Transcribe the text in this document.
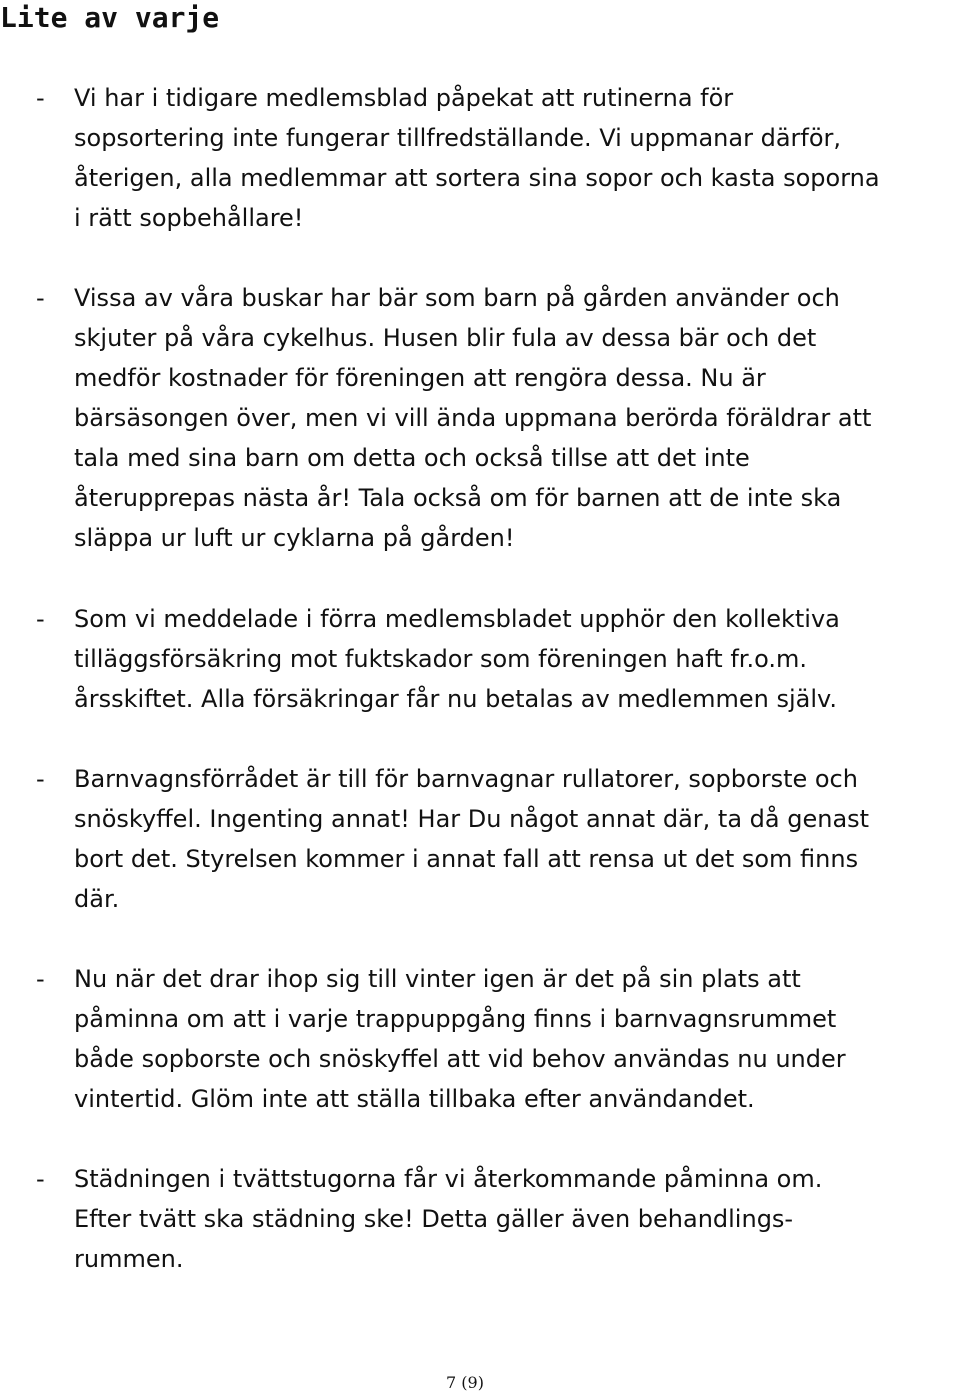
Lite av varje
- Vi har i tidigare medlemsblad påpekat att rutinerna för
sopsortering inte fungerar tillfredställande. Vi uppmanar därför,
återigen, alla medlemmar att sortera sina sopor och kasta soporna
i rätt sopbehållare!

- Vissa av våra buskar har bär som barn på gården använder och
skjuter på våra cykelhus. Husen blir fula av dessa bär och det
medför kostnader för föreningen att rengöra dessa. Nu är
bärsäsongen över, men vi vill ända uppmana berörda föräldrar att
tala med sina barn om detta och också tillse att det inte
återupprepas nästa år! Tala också om för barnen att de inte ska
släppa ur luft ur cyklarna på gården!

- Som vi meddelade i förra medlemsbladet upphör den kollektiva
tilläggsförsäkring mot fuktskador som föreningen haft fr.o.m.
årsskiftet. Alla försäkringar får nu betalas av medlemmen själv.

- Barnvagnsförrådet är till för barnvagnar rullatorer, sopborste och
snöskyffel. Ingenting annat! Har Du något annat där, ta då genast
bort det. Styrelsen kommer i annat fall att rensa ut det som finns
där.

- Nu när det drar ihop sig till vinter igen är det på sin plats att
påminna om att i varje trappuppgång finns i barnvagnsrummet
både sopborste och snöskyffel att vid behov användas nu under
vintertid. Glöm inte att ställa tillbaka efter användandet.

- Städningen i tvättstugorna får vi återkommande påminna om.
Efter tvätt ska städning ske! Detta gäller även behandlings-
rummen.

7 (9)
